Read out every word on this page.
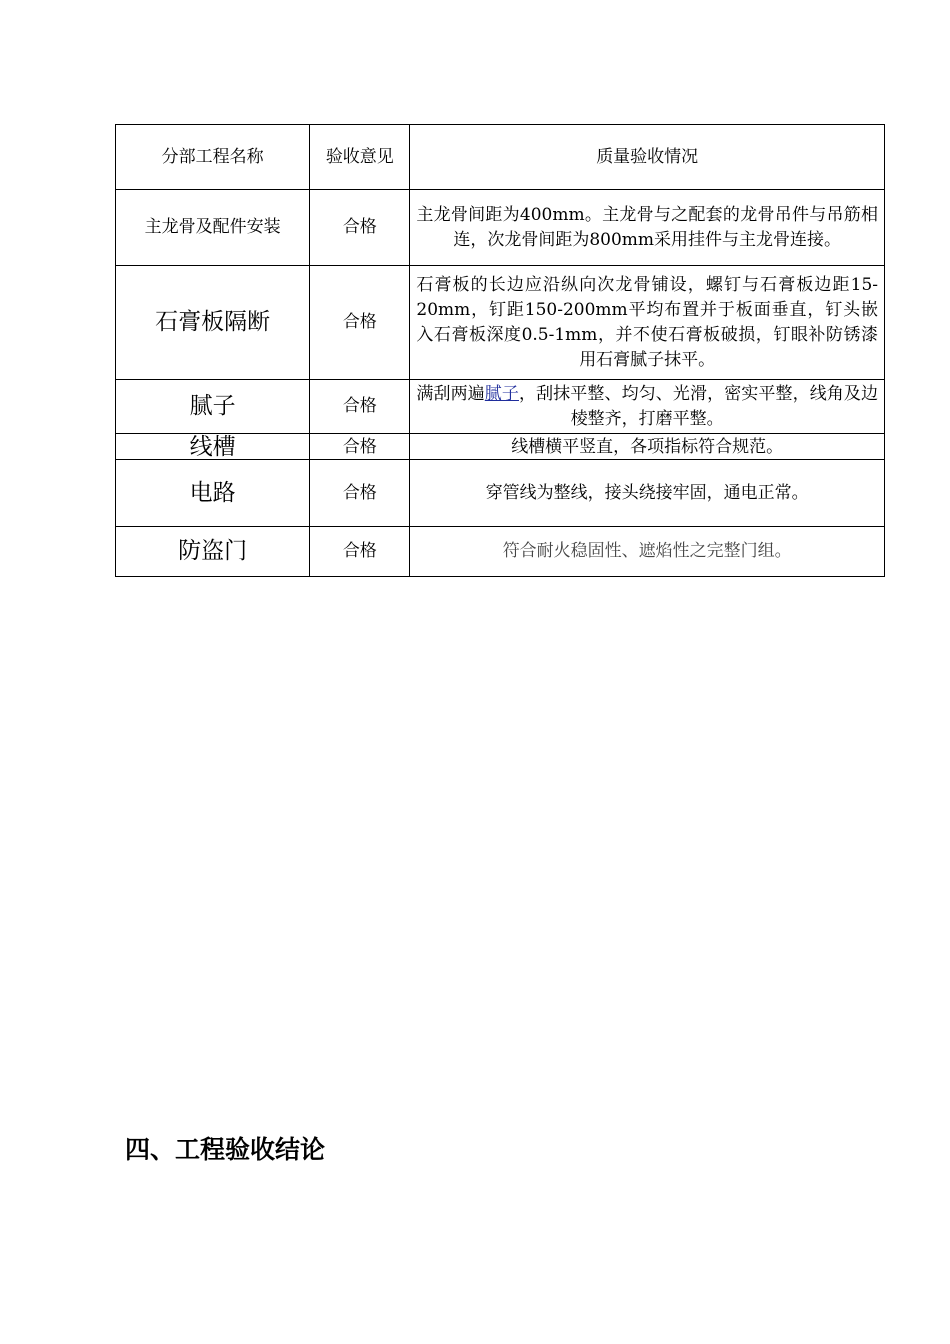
分部工程名称	验收意见	质量验收情况
主龙骨及配件安装	合格	主龙骨间距为400mm。主龙骨与之配套的龙骨吊件与吊筋相连，次龙骨间距为800mm采用挂件与主龙骨连接。
石膏板隔断	合格	石膏板的长边应沿纵向次龙骨铺设，螺钉与石膏板边距15-20mm，钉距150-200mm平均布置并于板面垂直，钉头嵌入石膏板深度0.5-1mm，并不使石膏板破损，钉眼补防锈漆用石膏腻子抹平。
腻子	合格	满刮两遍腻子，刮抹平整、均匀、光滑，密实平整，线角及边棱整齐，打磨平整。
线槽	合格	线槽横平竖直，各项指标符合规范。
电路	合格	穿管线为整线，接头绕接牢固，通电正常。
防盗门	合格	符合耐火稳固性、遮焰性之完整门组。
四、工程验收结论
